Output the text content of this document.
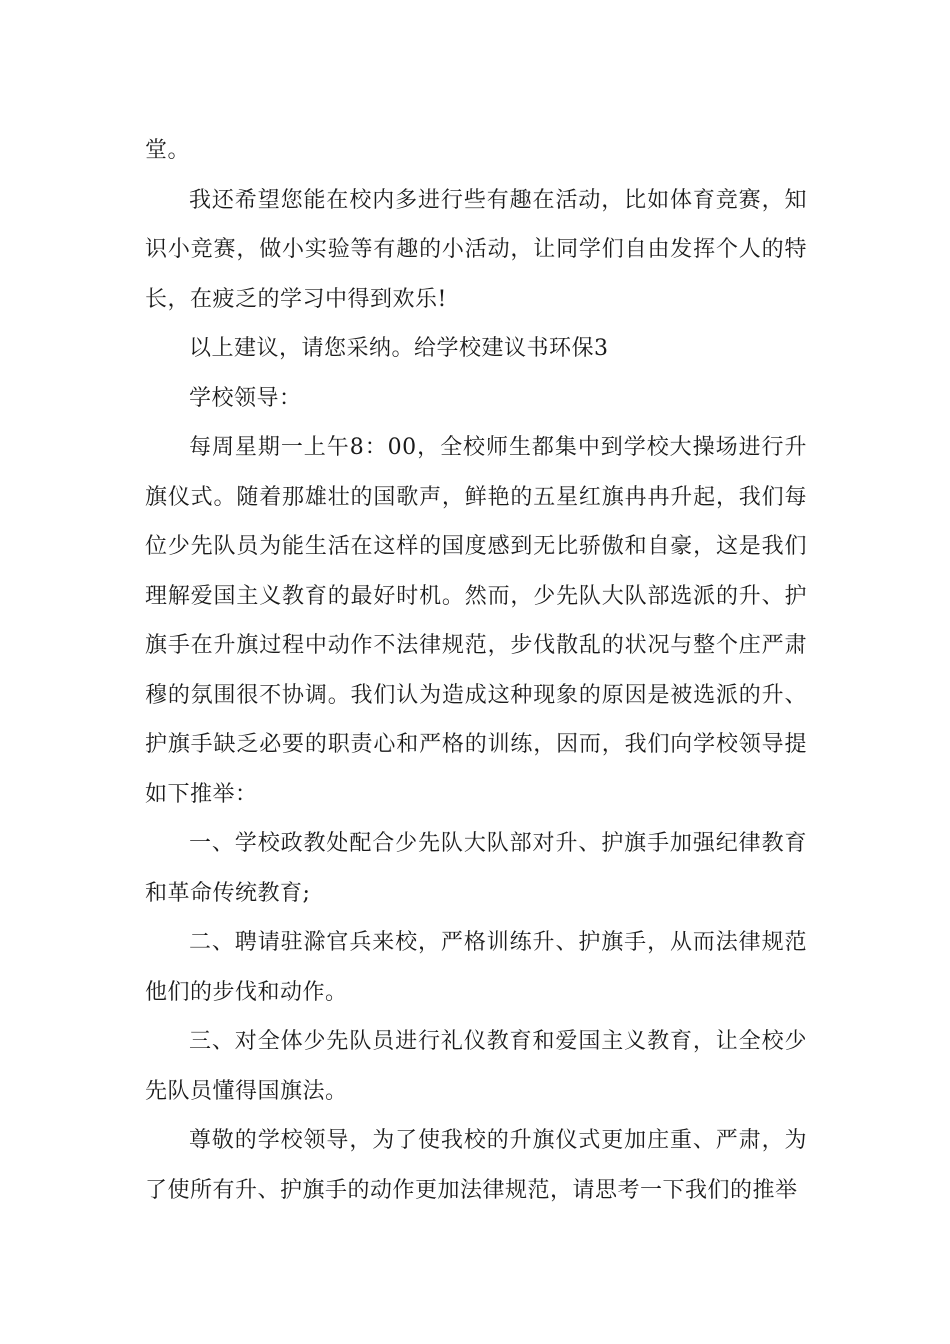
堂。

我还希望您能在校内多进行些有趣在活动，比如体育竞赛，知识小竞赛，做小实验等有趣的小活动，让同学们自由发挥个人的特长，在疲乏的学习中得到欢乐!

以上建议，请您采纳。给学校建议书环保3

学校领导：

每周星期一上午8：00，全校师生都集中到学校大操场进行升旗仪式。随着那雄壮的国歌声，鲜艳的五星红旗冉冉升起，我们每位少先队员为能生活在这样的国度感到无比骄傲和自豪，这是我们理解爱国主义教育的最好时机。然而，少先队大队部选派的升、护旗手在升旗过程中动作不法律规范，步伐散乱的状况与整个庄严肃穆的氛围很不协调。我们认为造成这种现象的原因是被选派的升、护旗手缺乏必要的职责心和严格的训练，因而，我们向学校领导提如下推举：

一、学校政教处配合少先队大队部对升、护旗手加强纪律教育和革命传统教育;

二、聘请驻滁官兵来校，严格训练升、护旗手，从而法律规范他们的步伐和动作。

三、对全体少先队员进行礼仪教育和爱国主义教育，让全校少先队员懂得国旗法。

尊敬的学校领导，为了使我校的升旗仪式更加庄重、严肃，为了使所有升、护旗手的动作更加法律规范，请思考一下我们的推举
